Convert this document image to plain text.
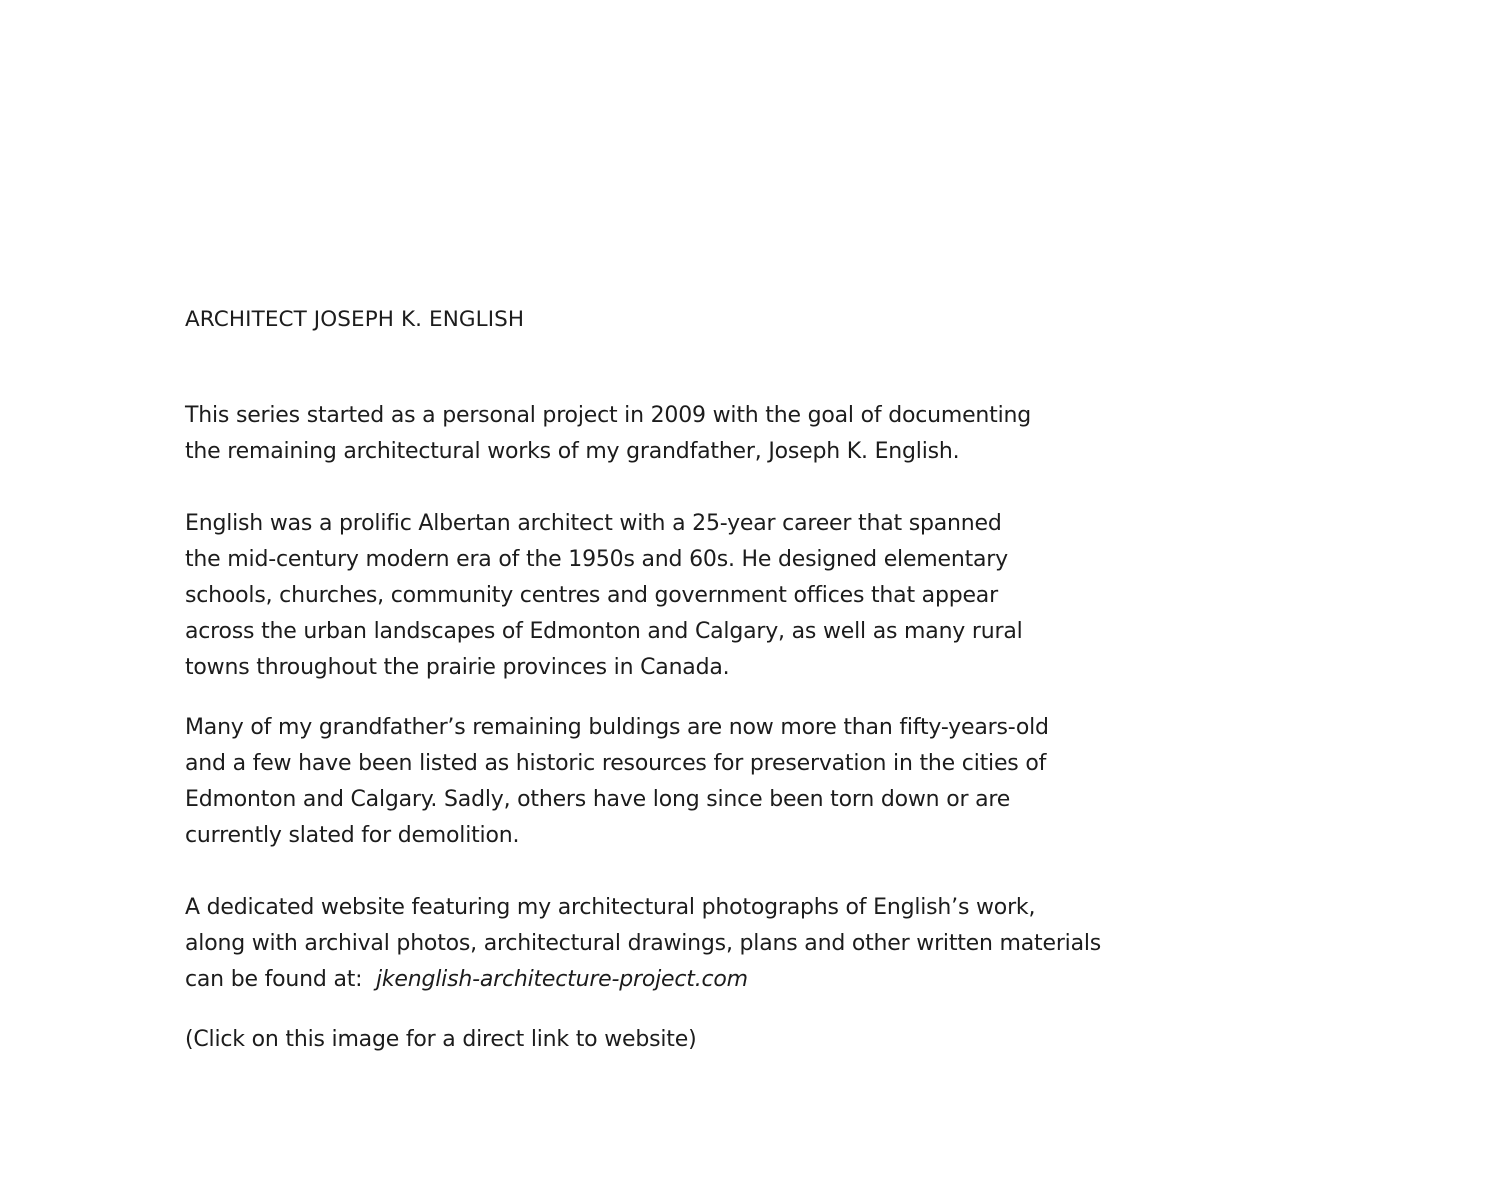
ARCHITECT JOSEPH K. ENGLISH
This series started as a personal project in 2009 with the goal of documenting
the remaining architectural works of my grandfather, Joseph K. English.
English was a prolific Albertan architect with a 25-year career that spanned
the mid-century modern era of the 1950s and 60s. He designed elementary
schools, churches, community centres and government offices that appear
across the urban landscapes of Edmonton and Calgary, as well as many rural
towns throughout the prairie provinces in Canada.
Many of my grandfather’s remaining buldings are now more than fifty-years-old
and a few have been listed as historic resources for preservation in the cities of
Edmonton and Calgary. Sadly, others have long since been torn down or are
currently slated for demolition.
A dedicated website featuring my architectural photographs of English’s work,
along with archival photos, architectural drawings, plans and other written materials
can be found at:  jkenglish-architecture-project.com
(Click on this image for a direct link to website)
